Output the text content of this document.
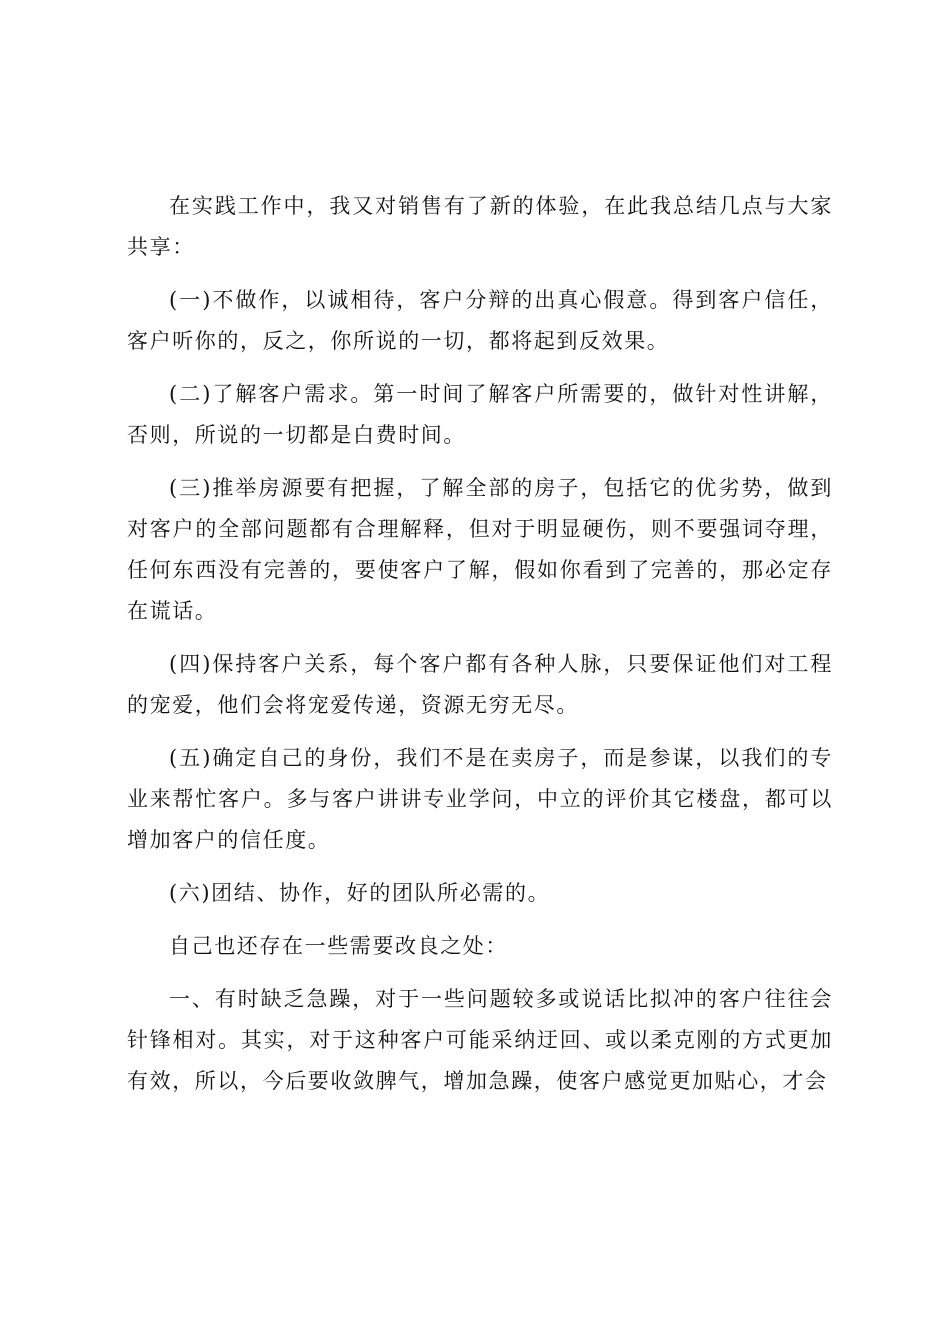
在实践工作中，我又对销售有了新的体验，在此我总结几点与大家共享：

(一)不做作，以诚相待，客户分辩的出真心假意。得到客户信任，客户听你的，反之，你所说的一切，都将起到反效果。

(二)了解客户需求。第一时间了解客户所需要的，做针对性讲解，否则，所说的一切都是白费时间。

(三)推举房源要有把握，了解全部的房子，包括它的优劣势，做到对客户的全部问题都有合理解释，但对于明显硬伤，则不要强词夺理，任何东西没有完善的，要使客户了解，假如你看到了完善的，那必定存在谎话。

(四)保持客户关系，每个客户都有各种人脉，只要保证他们对工程的宠爱，他们会将宠爱传递，资源无穷无尽。

(五)确定自己的身份，我们不是在卖房子，而是参谋，以我们的专业来帮忙客户。多与客户讲讲专业学问，中立的评价其它楼盘，都可以增加客户的信任度。

(六)团结、协作，好的团队所必需的。

自己也还存在一些需要改良之处：

一、有时缺乏急躁，对于一些问题较多或说话比拟冲的客户往往会针锋相对。其实，对于这种客户可能采纳迂回、或以柔克刚的方式更加有效，所以，今后要收敛脾气，增加急躁，使客户感觉更加贴心，才会
